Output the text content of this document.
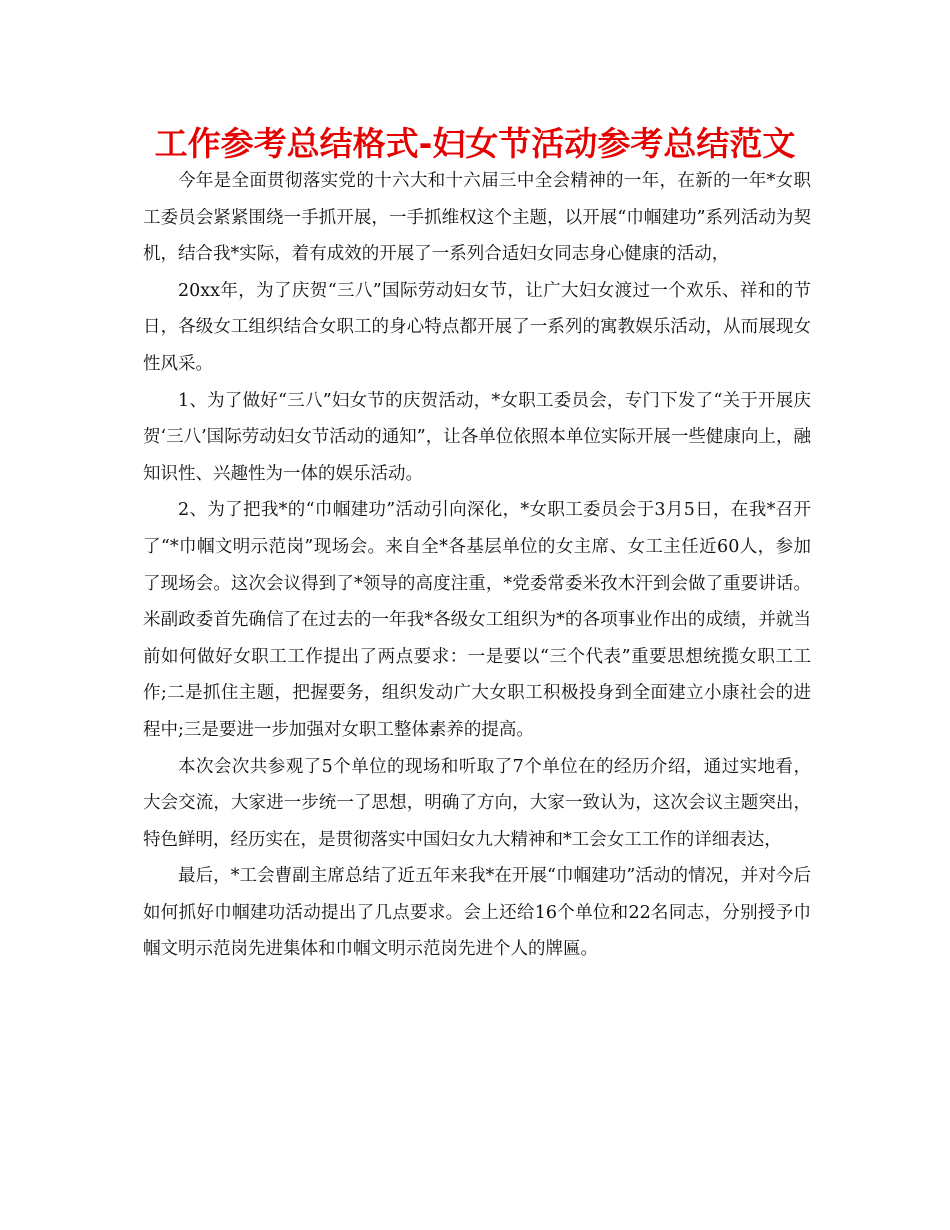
工作参考总结格式-妇女节活动参考总结范文

今年是全面贯彻落实党的十六大和十六届三中全会精神的一年，在新的一年*女职工委员会紧紧围绕一手抓开展，一手抓维权这个主题，以开展“巾帼建功”系列活动为契机，结合我*实际，着有成效的开展了一系列合适妇女同志身心健康的活动，

20xx年，为了庆贺“三八”国际劳动妇女节，让广大妇女渡过一个欢乐、祥和的节日，各级女工组织结合女职工的身心特点都开展了一系列的寓教娱乐活动，从而展现女性风采。

1、为了做好“三八”妇女节的庆贺活动，*女职工委员会，专门下发了“关于开展庆贺‘三八’国际劳动妇女节活动的通知”，让各单位依照本单位实际开展一些健康向上，融知识性、兴趣性为一体的娱乐活动。

2、为了把我*的“巾帼建功”活动引向深化，*女职工委员会于3月5日，在我*召开了“*巾帼文明示范岗”现场会。来自全*各基层单位的女主席、女工主任近60人，参加了现场会。这次会议得到了*领导的高度注重，*党委常委米孜木汗到会做了重要讲话。米副政委首先确信了在过去的一年我*各级女工组织为*的各项事业作出的成绩，并就当前如何做好女职工工作提出了两点要求：一是要以“三个代表”重要思想统揽女职工工作;二是抓住主题，把握要务，组织发动广大女职工积极投身到全面建立小康社会的进程中;三是要进一步加强对女职工整体素养的提高。

本次会次共参观了5个单位的现场和听取了7个单位在的经历介绍，通过实地看，大会交流，大家进一步统一了思想，明确了方向，大家一致认为，这次会议主题突出，特色鲜明，经历实在，是贯彻落实中国妇女九大精神和*工会女工工作的详细表达，

最后，*工会曹副主席总结了近五年来我*在开展“巾帼建功”活动的情况，并对今后如何抓好巾帼建功活动提出了几点要求。会上还给16个单位和22名同志，分别授予巾帼文明示范岗先进集体和巾帼文明示范岗先进个人的牌匾。
